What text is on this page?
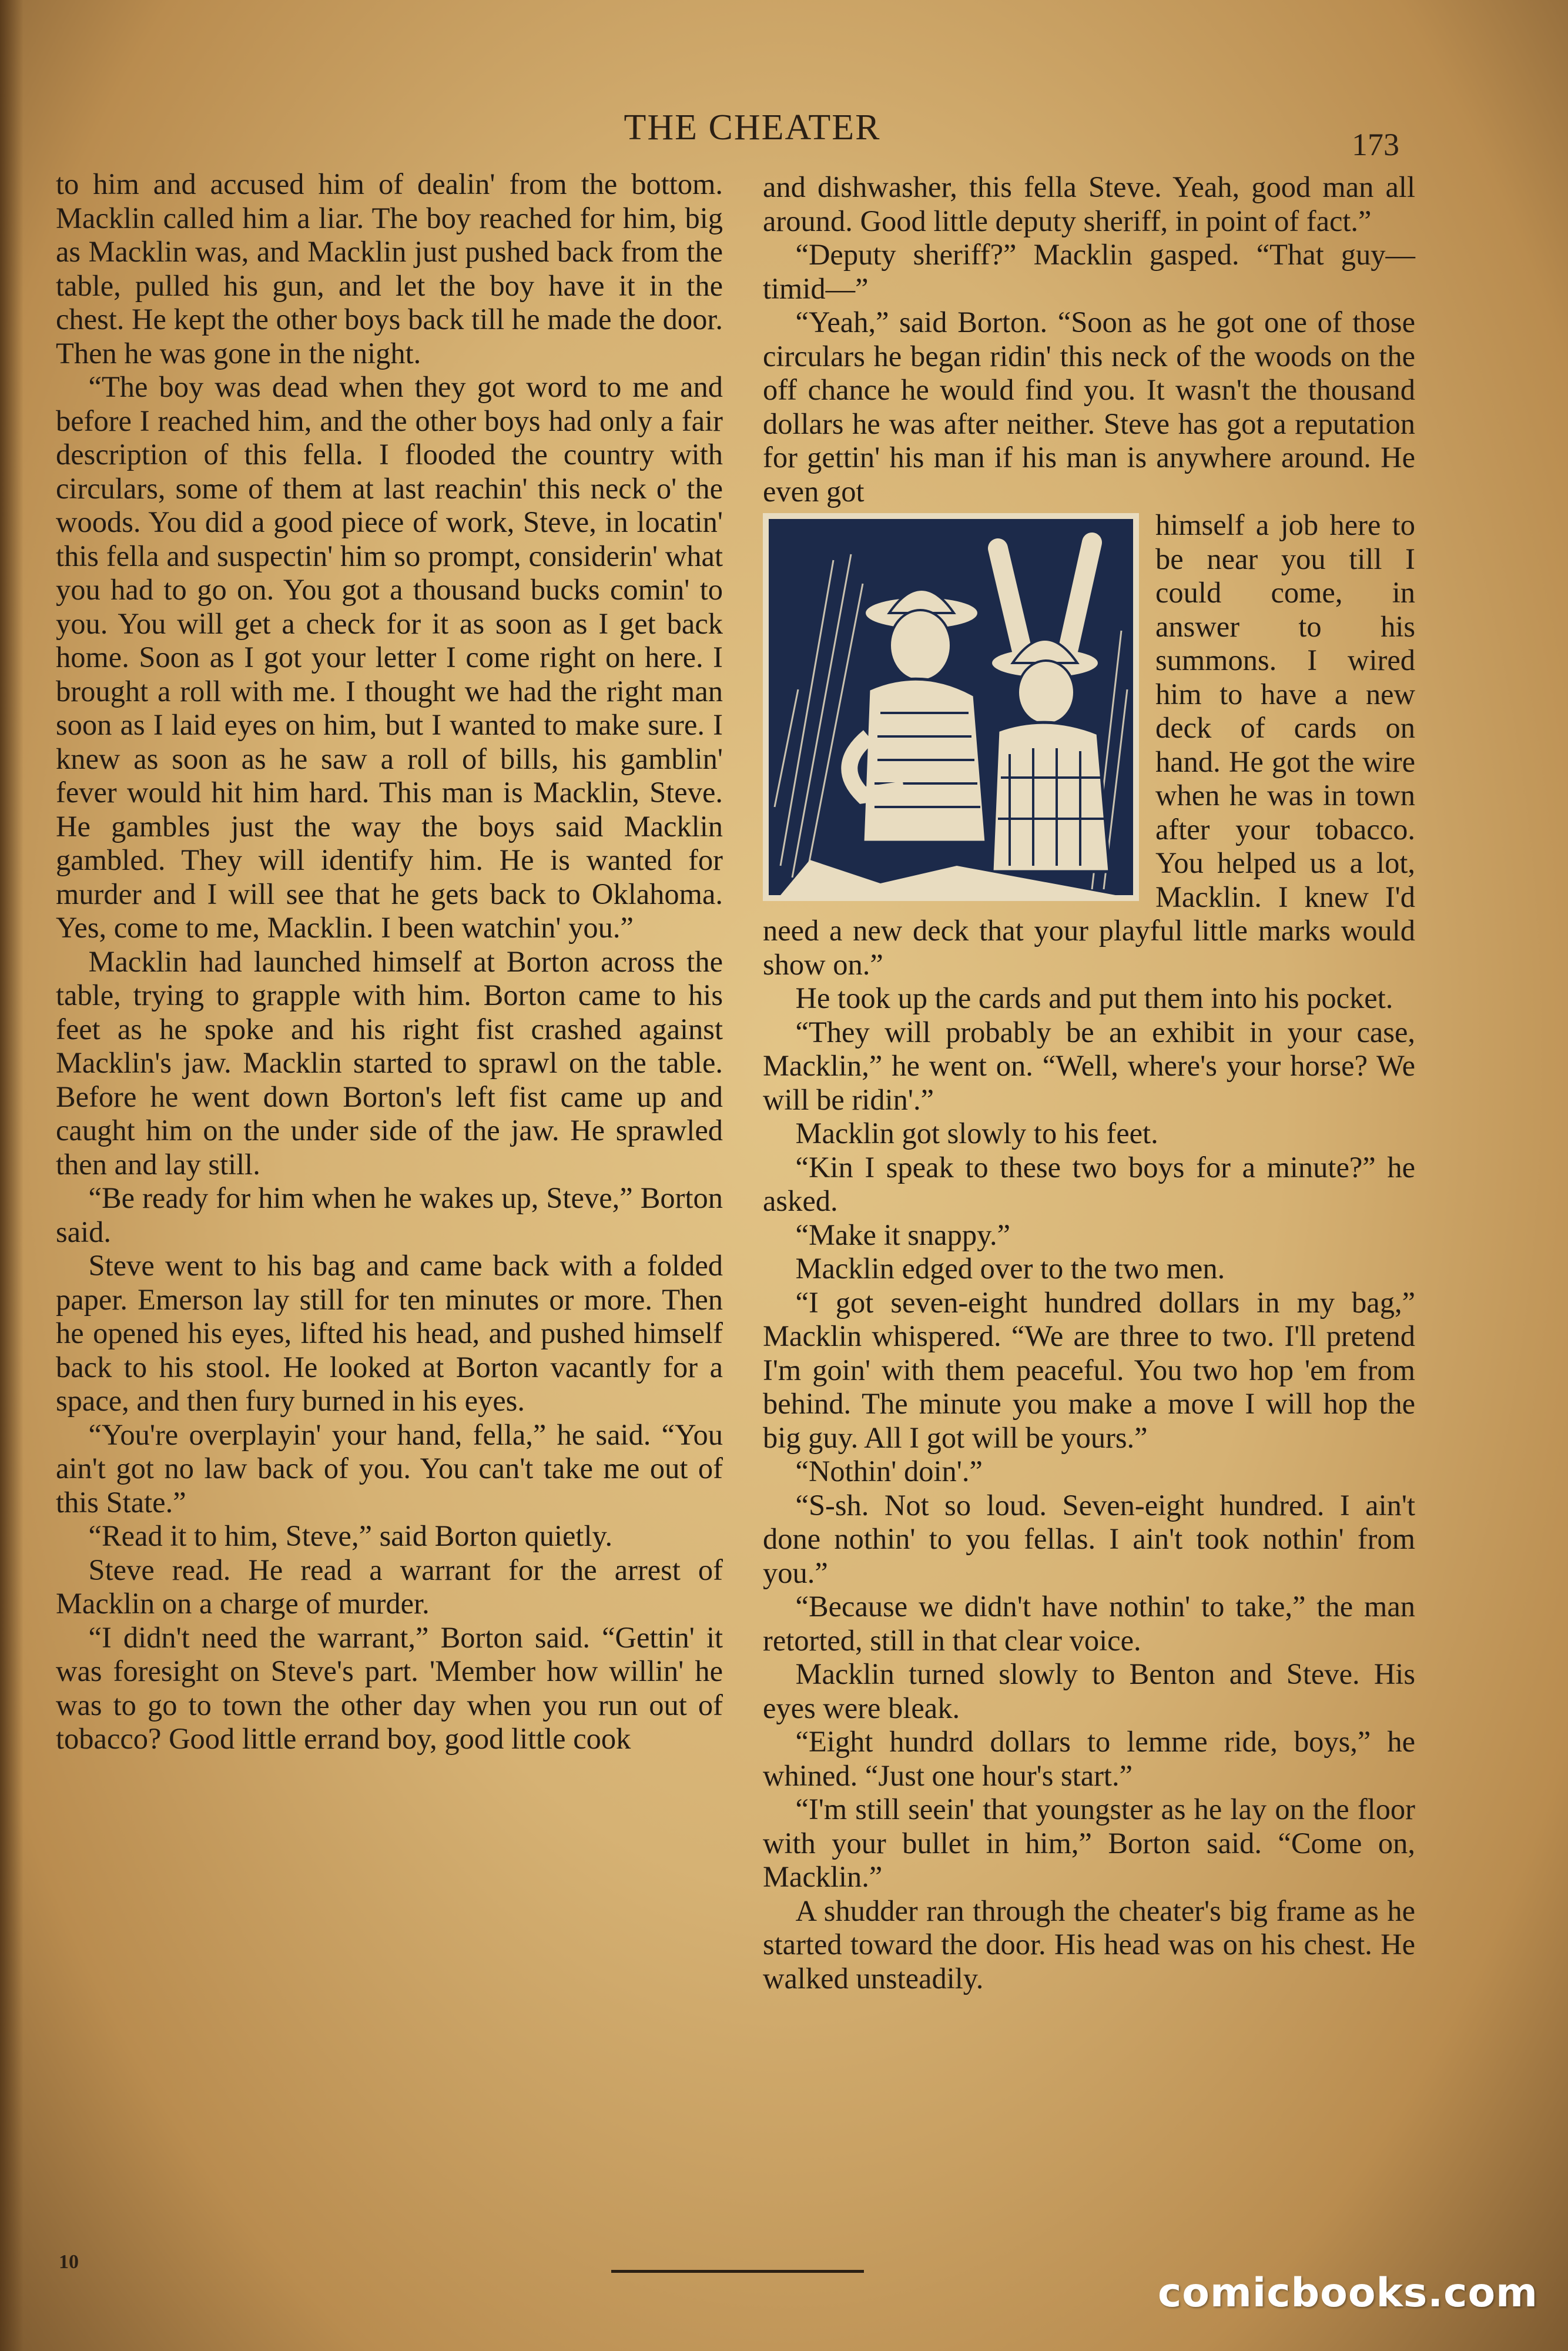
THE CHEATER	173

to him and accused him of dealin' from the bottom. Macklin called him a liar. The boy reached for him, big as Macklin was, and Macklin just pushed back from the table, pulled his gun, and let the boy have it in the chest. He kept the other boys back till he made the door. Then he was gone in the night.

“The boy was dead when they got word to me and before I reached him, and the other boys had only a fair description of this fella. I flooded the country with circulars, some of them at last reachin' this neck o' the woods. You did a good piece of work, Steve, in locatin' this fella and suspectin' him so prompt, considerin' what you had to go on. You got a thousand bucks comin' to you. You will get a check for it as soon as I get back home. Soon as I got your letter I come right on here. I brought a roll with me. I thought we had the right man soon as I laid eyes on him, but I wanted to make sure. I knew as soon as he saw a roll of bills, his gamblin' fever would hit him hard. This man is Macklin, Steve. He gambles just the way the boys said Macklin gambled. They will identify him. He is wanted for murder and I will see that he gets back to Oklahoma. Yes, come to me, Macklin. I been watchin' you.”

Macklin had launched himself at Borton across the table, trying to grapple with him. Borton came to his feet as he spoke and his right fist crashed against Macklin's jaw. Macklin started to sprawl on the table. Before he went down Borton's left fist came up and caught him on the under side of the jaw. He sprawled then and lay still.

“Be ready for him when he wakes up, Steve,” Borton said.

Steve went to his bag and came back with a folded paper. Emerson lay still for ten minutes or more. Then he opened his eyes, lifted his head, and pushed himself back to his stool. He looked at Borton vacantly for a space, and then fury burned in his eyes.

“You're overplayin' your hand, fella,” he said. “You ain't got no law back of you. You can't take me out of this State.”

“Read it to him, Steve,” said Borton quietly.

Steve read. He read a warrant for the arrest of Macklin on a charge of murder.

“I didn't need the warrant,” Borton said. “Gettin' it was foresight on Steve's part. 'Member how willin' he was to go to town the other day when you run out of tobacco? Good little errand boy, good little cook

and dishwasher, this fella Steve. Yeah, good man all around. Good little deputy sheriff, in point of fact.”

“Deputy sheriff?” Macklin gasped. “That guy—timid—”

“Yeah,” said Borton. “Soon as he got one of those circulars he began ridin' this neck of the woods on the off chance he would find you. It wasn't the thousand dollars he was after neither. Steve has got a reputation for gettin' his man if his man is anywhere around. He even got

himself a job here to be near you till I could come, in answer to his summons. I wired him to have a new deck of cards on hand. He got the wire when he was in town after your tobacco. You helped us a lot, Macklin. I knew I'd need a new deck that your playful little marks would show on.”

He took up the cards and put them into his pocket.

“They will probably be an exhibit in your case, Macklin,” he went on. “Well, where's your horse? We will be ridin'.”

Macklin got slowly to his feet.

“Kin I speak to these two boys for a minute?” he asked.

“Make it snappy.”

Macklin edged over to the two men.

“I got seven-eight hundred dollars in my bag,” Macklin whispered. “We are three to two. I'll pretend I'm goin' with them peaceful. You two hop 'em from behind. The minute you make a move I will hop the big guy. All I got will be yours.”

“Nothin' doin'.”

“S-sh. Not so loud. Seven-eight hundred. I ain't done nothin' to you fellas. I ain't took nothin' from you.”

“Because we didn't have nothin' to take,” the man retorted, still in that clear voice.

Macklin turned slowly to Benton and Steve. His eyes were bleak.

“Eight hundrd dollars to lemme ride, boys,” he whined. “Just one hour's start.”

“I'm still seein' that youngster as he lay on the floor with your bullet in him,” Borton said. “Come on, Macklin.”

A shudder ran through the cheater's big frame as he started toward the door. His head was on his chest. He walked unsteadily.

10
comicbooks.com
